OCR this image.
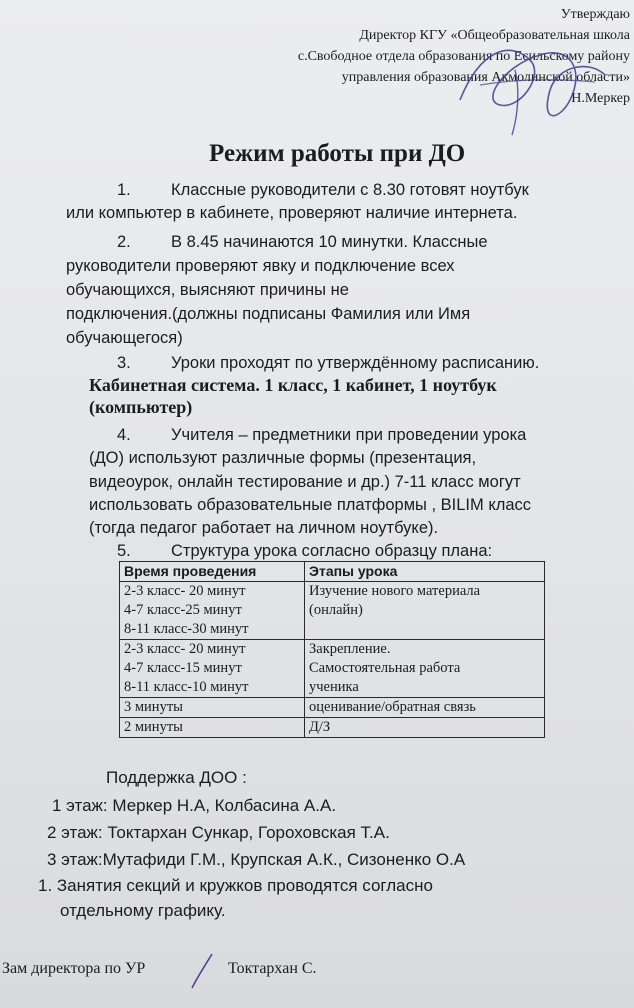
Утверждаю
Директор КГУ «Общеобразовательная школа
с.Свободное отдела образования по Есильскому району
управления образования Акмолинской области»
Н.Меркер
Режим работы при ДО
1. Классные руководители с 8.30 готовят ноутбук
или компьютер в кабинете, проверяют наличие интернета.
2. В 8.45 начинаются 10 минутки. Классные
руководители проверяют явку и подключение всех
обучающихся, выясняют причины не
подключения.(должны подписаны Фамилия или Имя
обучающегося)
3. Уроки проходят по утверждённому расписанию.
Кабинетная система. 1 класс, 1 кабинет, 1 ноутбук
(компьютер)
4. Учителя – предметники при проведении урока
(ДО) используют различные формы (презентация,
видеоурок, онлайн тестирование и др.) 7-11 класс могут
использовать образовательные платформы , BILIM класс
(тогда педагог работает на личном ноутбуке).
5. Структура урока согласно образцу плана:
Время проведения	Этапы урока

2-3 класс- 20 минут
4-7 класс-25 минут
8-11 класс-30 минут	Изучение нового материала
(онлайн)

2-3 класс- 20 минут
4-7 класс-15 минут
8-11 класс-10 минут	Закрепление.
Самостоятельная работа
ученика

3 минуты	оценивание/обратная связь
2 минуты	Д/З
Поддержка ДОО :
1 этаж: Меркер Н.А, Колбасина А.А.
2 этаж: Токтархан Сункар, Гороховская Т.А.
3 этаж:Мутафиди Г.М., Крупская А.К., Сизоненко О.А
1. Занятия секций и кружков проводятся согласно
отдельному графику.
Зам директора по УР	Токтархан С.
